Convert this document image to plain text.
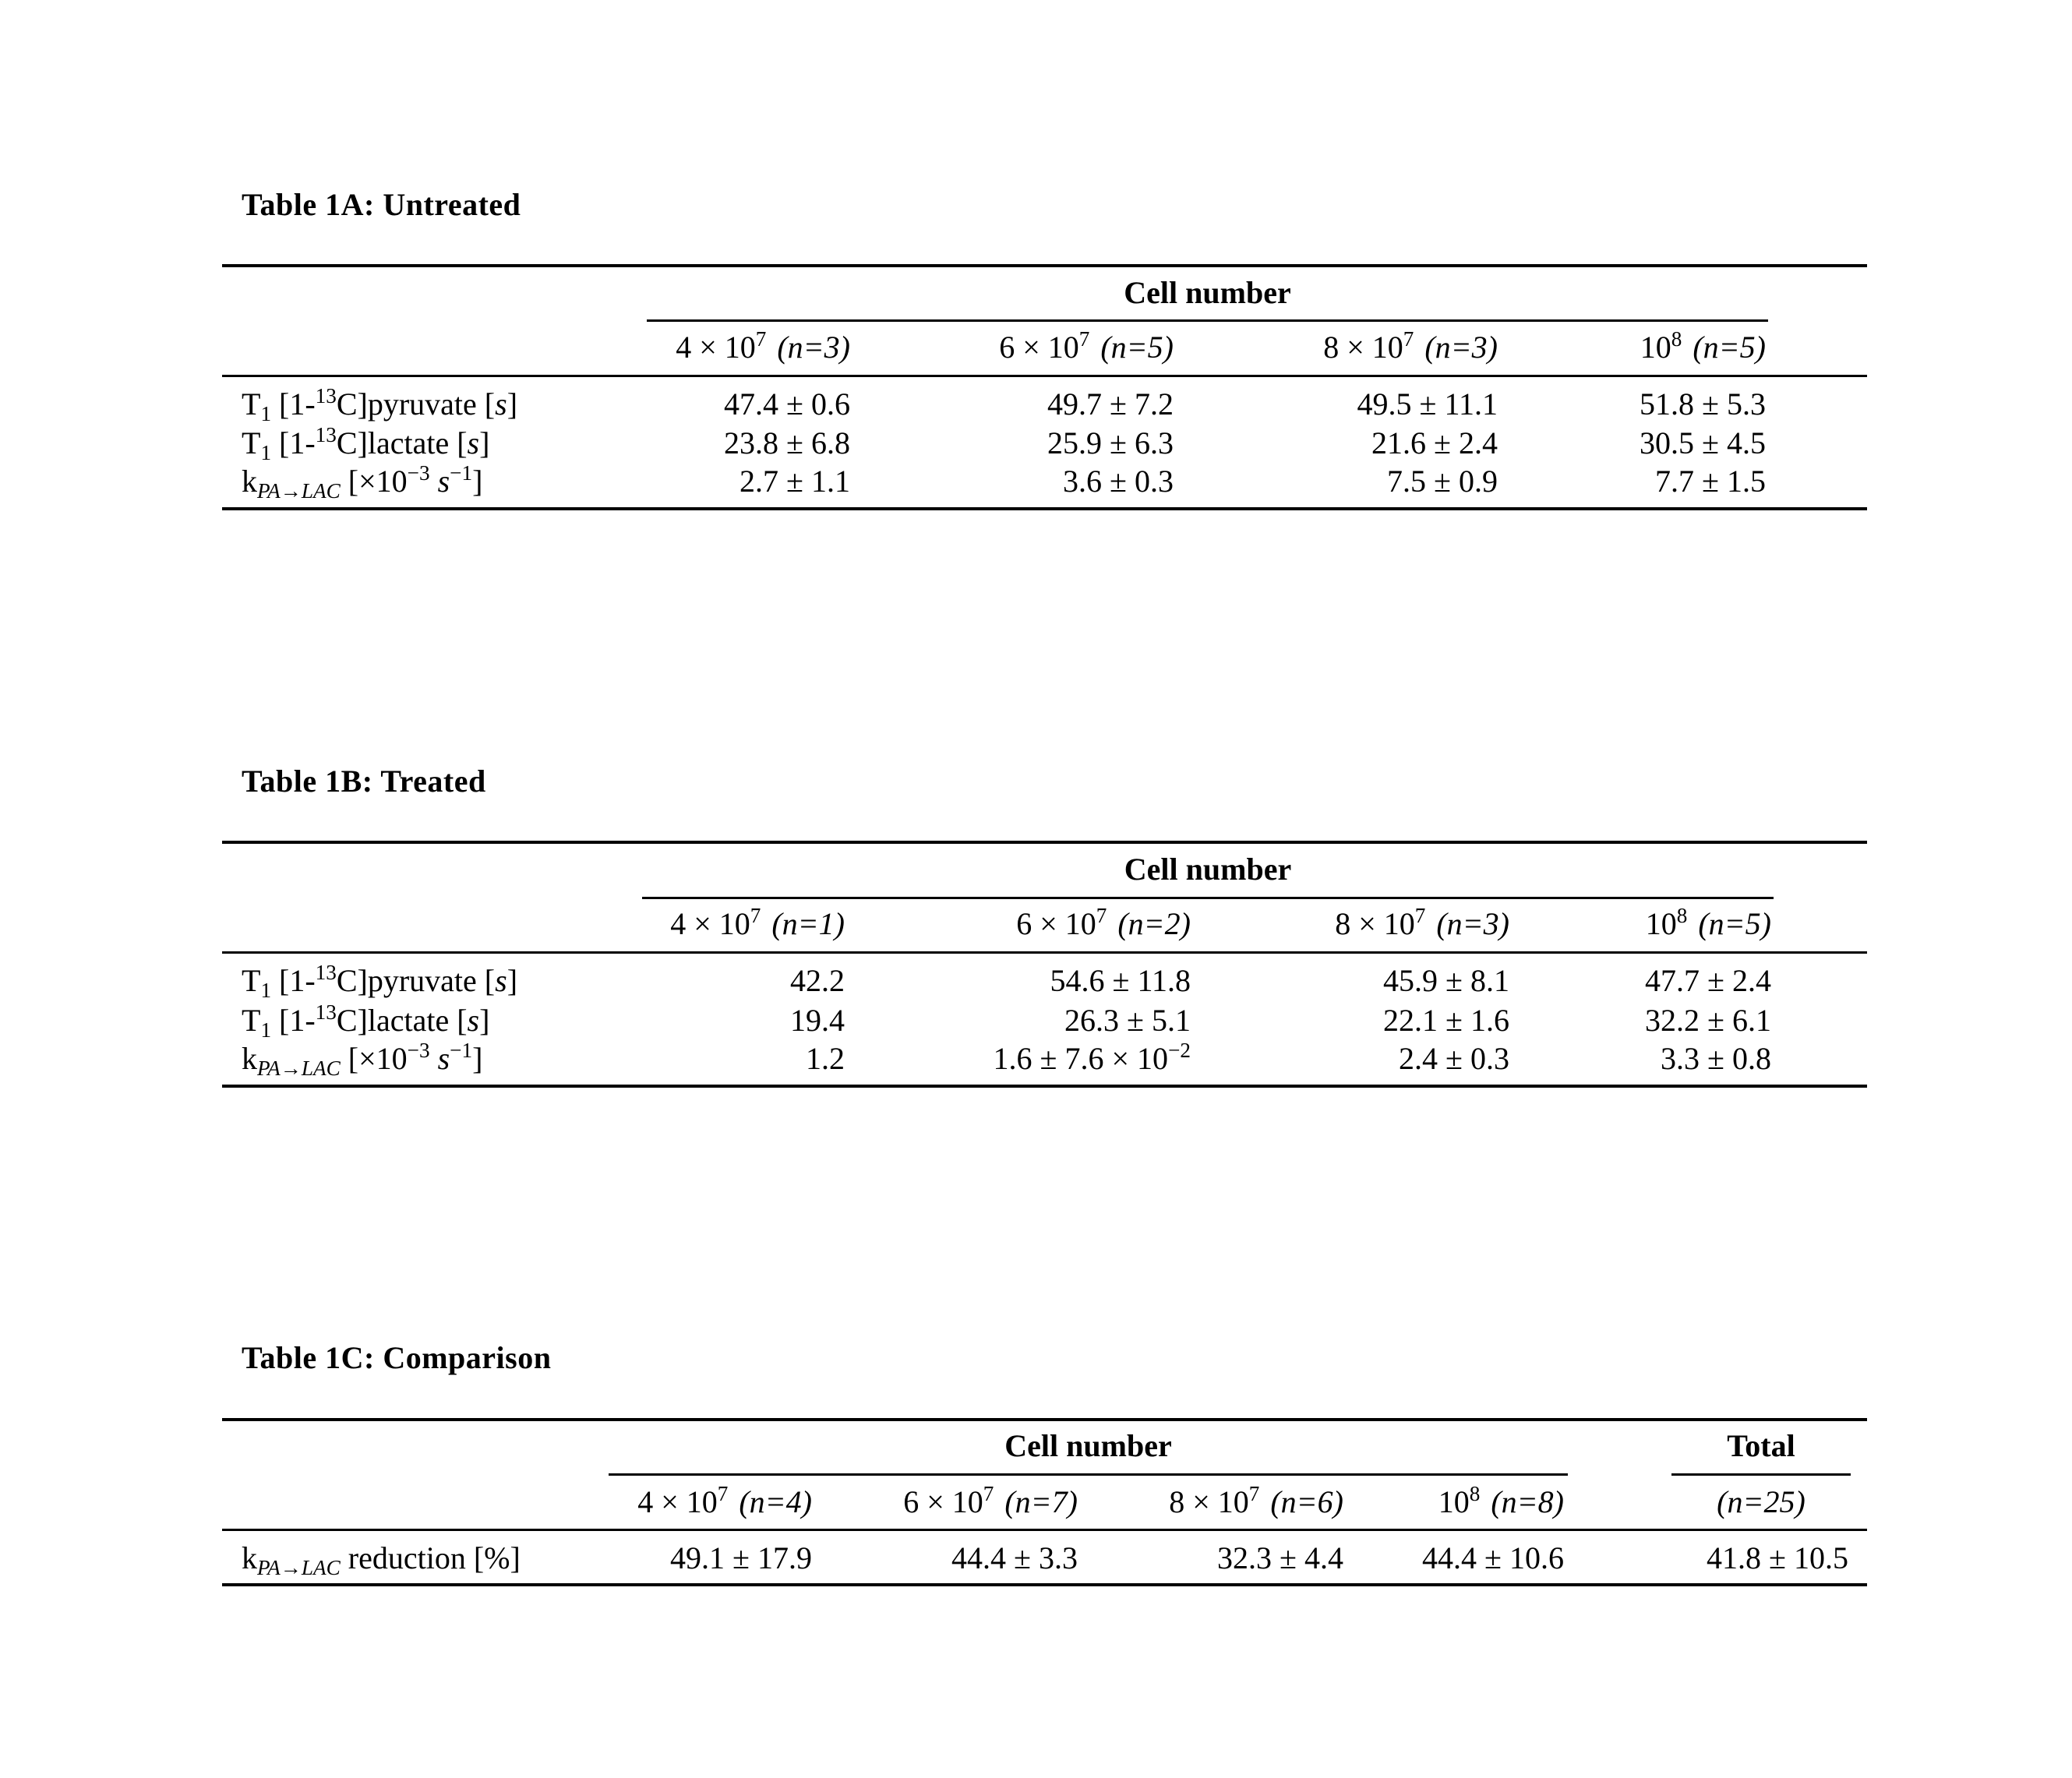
Table 1A: Untreated
Cell number
$4 \times 10^7$ (n=3)	$6 \times 10^7$ (n=5)	$8 \times 10^7$ (n=3)	$10^8$ (n=5)
$T_1$ [1-$^{13}$C]pyruvate [s]	47.4 ± 0.6	49.7 ± 7.2	49.5 ± 11.1	51.8 ± 5.3
$T_1$ [1-$^{13}$C]lactate [s]	23.8 ± 6.8	25.9 ± 6.3	21.6 ± 2.4	30.5 ± 4.5
$k_{PA\to LAC}$ [$\times 10^{-3}$ $s^{-1}$]	2.7 ± 1.1	3.6 ± 0.3	7.5 ± 0.9	7.7 ± 1.5
Table 1B: Treated
Cell number
$4 \times 10^7$ (n=1)	$6 \times 10^7$ (n=2)	$8 \times 10^7$ (n=3)	$10^8$ (n=5)
$T_1$ [1-$^{13}$C]pyruvate [s]	42.2	54.6 ± 11.8	45.9 ± 8.1	47.7 ± 2.4
$T_1$ [1-$^{13}$C]lactate [s]	19.4	26.3 ± 5.1	22.1 ± 1.6	32.2 ± 6.1
$k_{PA\to LAC}$ [$\times 10^{-3}$ $s^{-1}$]	1.2	$1.6 \pm 7.6 \times 10^{-2}$	2.4 ± 0.3	3.3 ± 0.8
Table 1C: Comparison
Cell number	Total
$4 \times 10^7$ (n=4)	$6 \times 10^7$ (n=7)	$8 \times 10^7$ (n=6)	$10^8$ (n=8)	(n=25)
$k_{PA\to LAC}$ reduction [%]	49.1 ± 17.9	44.4 ± 3.3	32.3 ± 4.4	44.4 ± 10.6	41.8 ± 10.5
